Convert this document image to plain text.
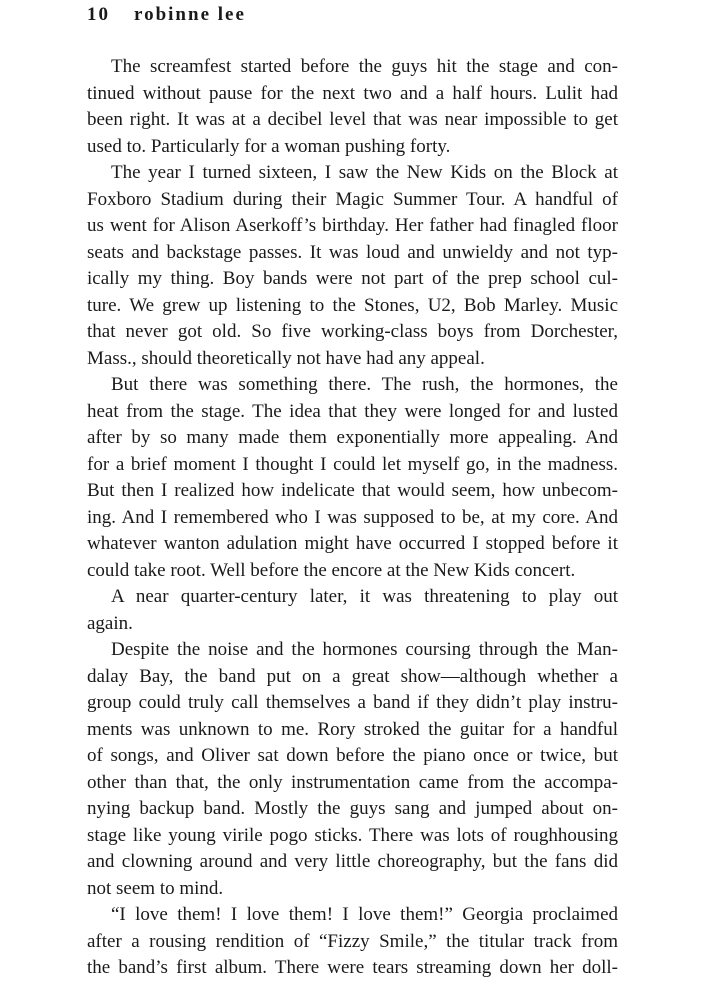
10 robinne lee
The screamfest started before the guys hit the stage and con-
tinued without pause for the next two and a half hours. Lulit had
been right. It was at a decibel level that was near impossible to get
used to. Particularly for a woman pushing forty.
The year I turned sixteen, I saw the New Kids on the Block at
Foxboro Stadium during their Magic Summer Tour. A handful of
us went for Alison Aserkoff’s birthday. Her father had finagled floor
seats and backstage passes. It was loud and unwieldy and not typ-
ically my thing. Boy bands were not part of the prep school cul-
ture. We grew up listening to the Stones, U2, Bob Marley. Music
that never got old. So five working-class boys from Dorchester,
Mass., should theoretically not have had any appeal.
But there was something there. The rush, the hormones, the
heat from the stage. The idea that they were longed for and lusted
after by so many made them exponentially more appealing. And
for a brief moment I thought I could let myself go, in the madness.
But then I realized how indelicate that would seem, how unbecom-
ing. And I remembered who I was supposed to be, at my core. And
whatever wanton adulation might have occurred I stopped before it
could take root. Well before the encore at the New Kids concert.
A near quarter-century later, it was threatening to play out
again.
Despite the noise and the hormones coursing through the Man-
dalay Bay, the band put on a great show—although whether a
group could truly call themselves a band if they didn’t play instru-
ments was unknown to me. Rory stroked the guitar for a handful
of songs, and Oliver sat down before the piano once or twice, but
other than that, the only instrumentation came from the accompa-
nying backup band. Mostly the guys sang and jumped about on-
stage like young virile pogo sticks. There was lots of roughhousing
and clowning around and very little choreography, but the fans did
not seem to mind.
“I love them! I love them! I love them!” Georgia proclaimed
after a rousing rendition of “Fizzy Smile,” the titular track from
the band’s first album. There were tears streaming down her doll-
